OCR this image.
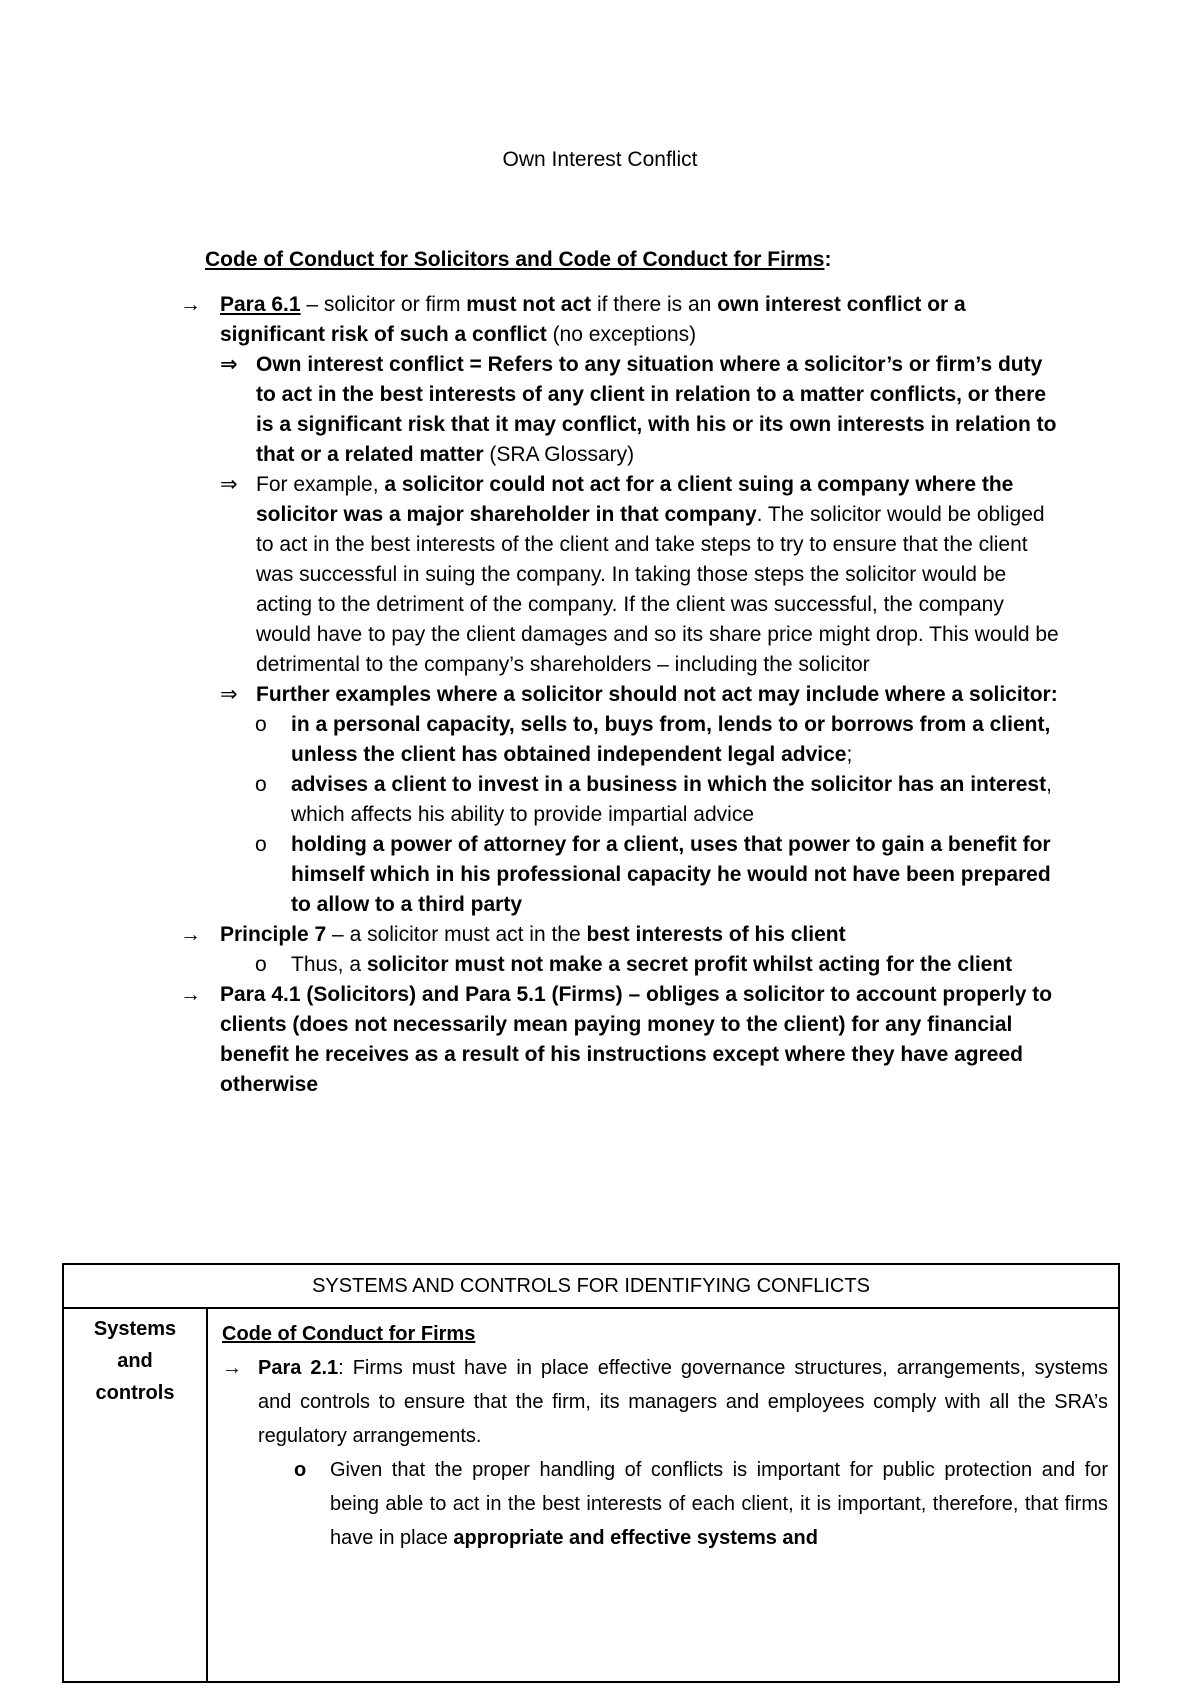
Own Interest Conflict
Code of Conduct for Solicitors and Code of Conduct for Firms:
→ Para 6.1 – solicitor or firm must not act if there is an own interest conflict or a significant risk of such a conflict (no exceptions)
⇒ Own interest conflict = Refers to any situation where a solicitor’s or firm’s duty to act in the best interests of any client in relation to a matter conflicts, or there is a significant risk that it may conflict, with his or its own interests in relation to that or a related matter (SRA Glossary)
⇒ For example, a solicitor could not act for a client suing a company where the solicitor was a major shareholder in that company. The solicitor would be obliged to act in the best interests of the client and take steps to try to ensure that the client was successful in suing the company. In taking those steps the solicitor would be acting to the detriment of the company. If the client was successful, the company would have to pay the client damages and so its share price might drop. This would be detrimental to the company’s shareholders – including the solicitor
⇒ Further examples where a solicitor should not act may include where a solicitor:
o	in a personal capacity, sells to, buys from, lends to or borrows from a client, unless the client has obtained independent legal advice;
o	advises a client to invest in a business in which the solicitor has an interest, which affects his ability to provide impartial advice
o	holding a power of attorney for a client, uses that power to gain a benefit for himself which in his professional capacity he would not have been prepared to allow to a third party
→ Principle 7 – a solicitor must act in the best interests of his client
o	Thus, a solicitor must not make a secret profit whilst acting for the client
→ Para 4.1 (Solicitors) and Para 5.1 (Firms) – obliges a solicitor to account properly to clients (does not necessarily mean paying money to the client) for any financial benefit he receives as a result of his instructions except where they have agreed otherwise
SYSTEMS AND CONTROLS FOR IDENTIFYING CONFLICTS
Systems and controls
Code of Conduct for Firms
→ Para 2.1: Firms must have in place effective governance structures, arrangements, systems and controls to ensure that the firm, its managers and employees comply with all the SRA’s regulatory arrangements.
o Given that the proper handling of conflicts is important for public protection and for being able to act in the best interests of each client, it is important, therefore, that firms have in place appropriate and effective systems and
